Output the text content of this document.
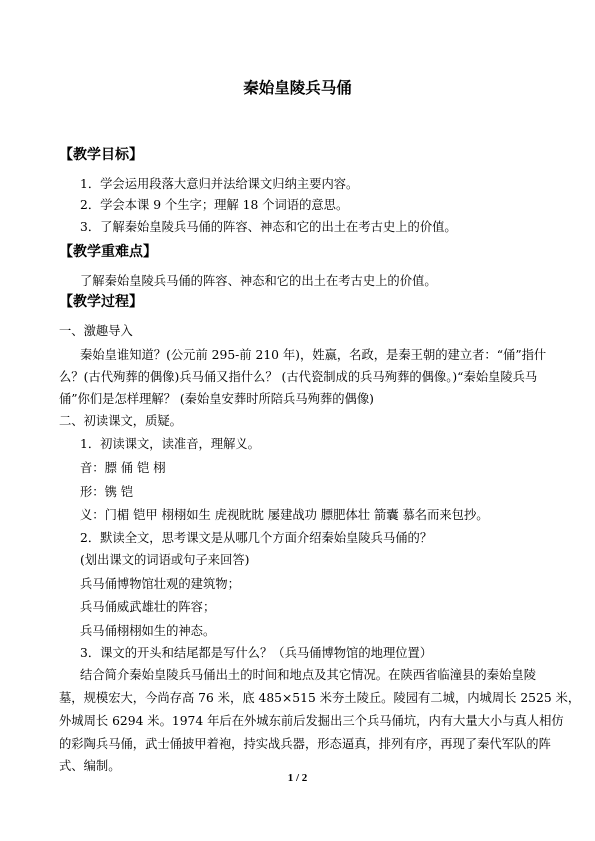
秦始皇陵兵马俑
【教学目标】
1．学会运用段落大意归并法给课文归纳主要内容。
2．学会本课 9 个生字；理解 18 个词语的意思。
3．了解秦始皇陵兵马俑的阵容、神态和它的出土在考古史上的价值。
【教学重难点】
了解秦始皇陵兵马俑的阵容、神态和它的出土在考古史上的价值。
【教学过程】
一、激趣导入
秦始皇谁知道？(公元前 295-前 210 年)，姓嬴，名政，是秦王朝的建立者：“俑”指什
么？(古代殉葬的偶像)兵马俑又指什么？ (古代瓷制成的兵马殉葬的偶像。)“秦始皇陵兵马
俑”你们是怎样理解？ (秦始皇安葬时所陪兵马殉葬的偶像)
二、初读课文，质疑。
1．初读课文，读准音，理解义。
音：膘 俑 铠 栩
形：镌 铠
义：门楣 铠甲 栩栩如生 虎视眈眈 屡建战功 膘肥体壮 箭囊 慕名而来包抄。
2．默读全文，思考课文是从哪几个方面介绍秦始皇陵兵马俑的？
(划出课文的词语或句子来回答)
兵马俑博物馆壮观的建筑物；
兵马俑威武雄壮的阵容；
兵马俑栩栩如生的神态。
3．课文的开头和结尾都是写什么？（兵马俑博物馆的地理位置）
结合简介秦始皇陵兵马俑出土的时间和地点及其它情况。在陕西省临潼县的秦始皇陵
墓，规模宏大，今尚存高 76 米，底 485×515 米夯土陵丘。陵园有二城，内城周长 2525 米，
外城周长 6294 米。1974 年后在外城东前后发掘出三个兵马俑坑，内有大量大小与真人相仿
的彩陶兵马俑，武士俑披甲着袍，持实战兵器，形态逼真，排列有序，再现了秦代军队的阵
式、编制。
1 / 2
